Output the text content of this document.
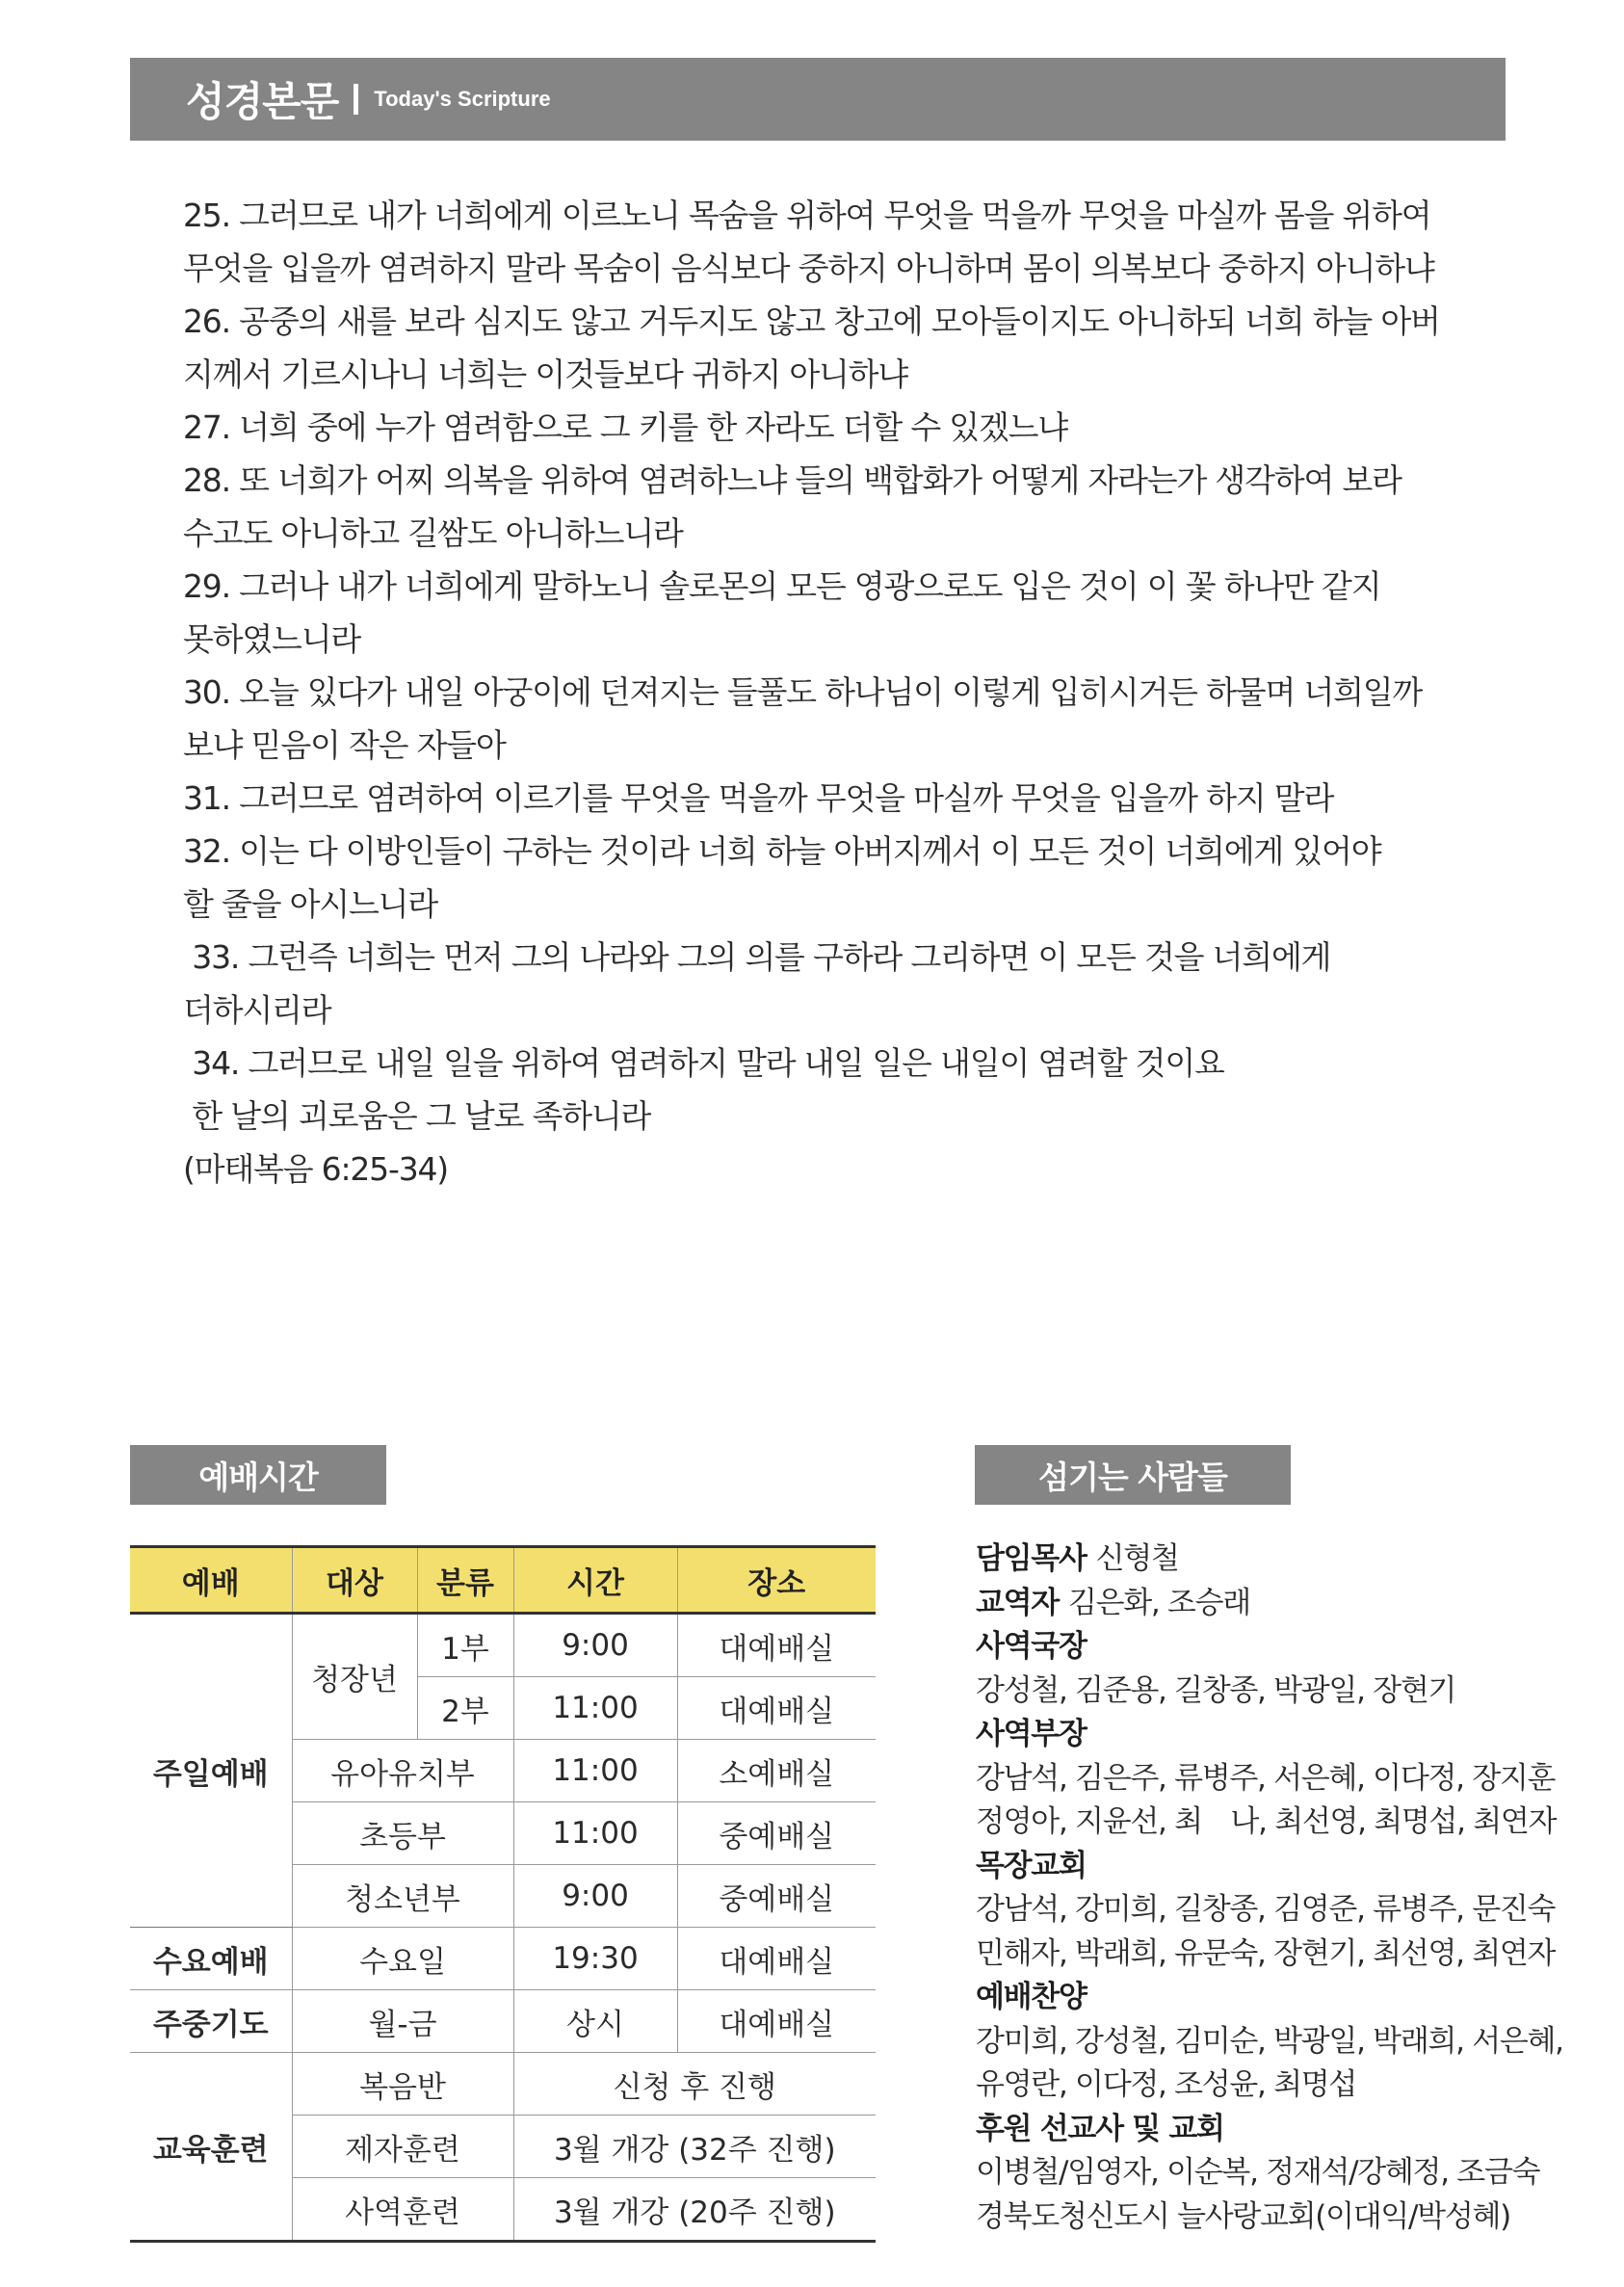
성경본문 Today's Scripture
25. 그러므로 내가 너희에게 이르노니 목숨을 위하여 무엇을 먹을까 무엇을 마실까 몸을 위하여
무엇을 입을까 염려하지 말라 목숨이 음식보다 중하지 아니하며 몸이 의복보다 중하지 아니하냐
26. 공중의 새를 보라 심지도 않고 거두지도 않고 창고에 모아들이지도 아니하되 너희 하늘 아버
지께서 기르시나니 너희는 이것들보다 귀하지 아니하냐
27. 너희 중에 누가 염려함으로 그 키를 한 자라도 더할 수 있겠느냐
28. 또 너희가 어찌 의복을 위하여 염려하느냐 들의 백합화가 어떻게 자라는가 생각하여 보라
수고도 아니하고 길쌈도 아니하느니라
29. 그러나 내가 너희에게 말하노니 솔로몬의 모든 영광으로도 입은 것이 이 꽃 하나만 같지
못하였느니라
30. 오늘 있다가 내일 아궁이에 던져지는 들풀도 하나님이 이렇게 입히시거든 하물며 너희일까
보냐 믿음이 작은 자들아
31. 그러므로 염려하여 이르기를 무엇을 먹을까 무엇을 마실까 무엇을 입을까 하지 말라
32. 이는 다 이방인들이 구하는 것이라 너희 하늘 아버지께서 이 모든 것이 너희에게 있어야
할 줄을 아시느니라
33. 그런즉 너희는 먼저 그의 나라와 그의 의를 구하라 그리하면 이 모든 것을 너희에게
더하시리라
34. 그러므로 내일 일을 위하여 염려하지 말라 내일 일은 내일이 염려할 것이요
한 날의 괴로움은 그 날로 족하니라
(마태복음 6:25-34)
예배시간	섬기는 사람들
예배	대상	분류	시간	장소
주일예배	청장년	1부	9:00	대예배실
		2부	11:00	대예배실
	유아유치부		11:00	소예배실
	초등부		11:00	중예배실
	청소년부		9:00	중예배실
수요예배	수요일		19:30	대예배실
주중기도	월-금		상시	대예배실
교육훈련	복음반		신청 후 진행	
	제자훈련		3월 개강 (32주 진행)	
	사역훈련		3월 개강 (20주 진행)	
담임목사 신형철
교역자 김은화, 조승래
사역국장
강성철, 김준용, 길창종, 박광일, 장현기
사역부장
강남석, 김은주, 류병주, 서은혜, 이다정, 장지훈
정영아, 지윤선, 최　나, 최선영, 최명섭, 최연자
목장교회
강남석, 강미희, 길창종, 김영준, 류병주, 문진숙
민해자, 박래희, 유문숙, 장현기, 최선영, 최연자
예배찬양
강미희, 강성철, 김미순, 박광일, 박래희, 서은혜,
유영란, 이다정, 조성윤, 최명섭
후원 선교사 및 교회
이병철/임영자, 이순복, 정재석/강혜정, 조금숙
경북도청신도시 늘사랑교회(이대익/박성혜)
